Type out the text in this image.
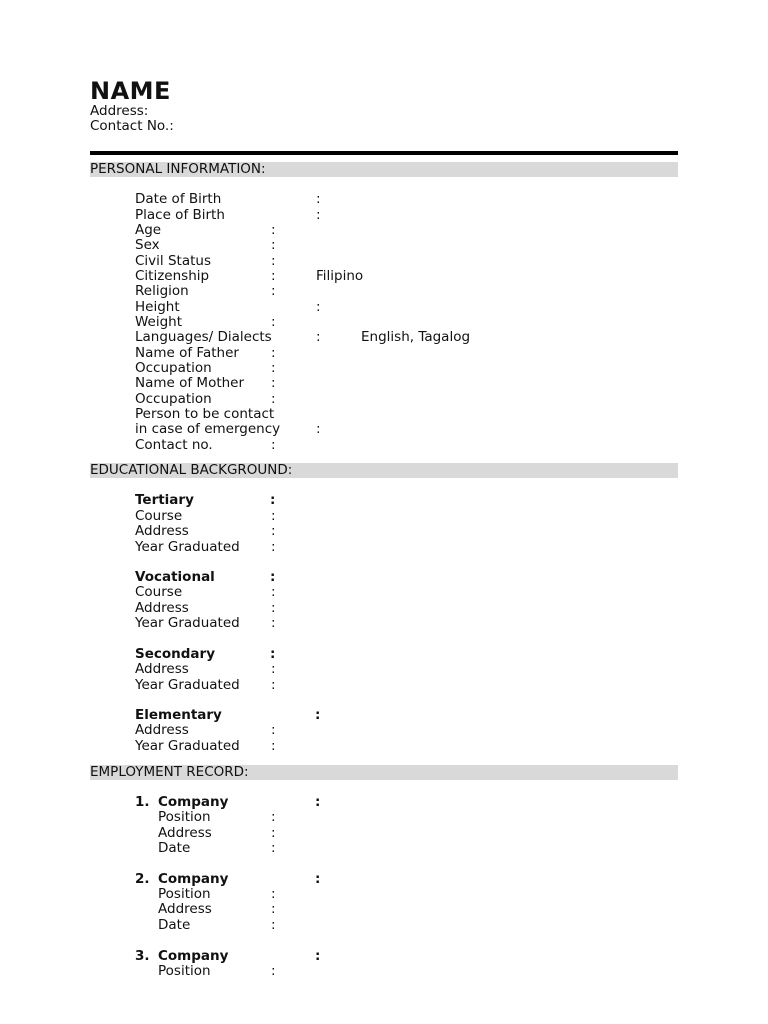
NAME
Address:
Contact No.:
PERSONAL INFORMATION:
Date of Birth	:
Place of Birth	:
Age	:
Sex	:
Civil Status	:
Citizenship	:	Filipino
Religion	:
Height	:
Weight	:
Languages/ Dialects	:	English, Tagalog
Name of Father :
Occupation	:
Name of Mother :
Occupation	:
Person to be contact
in case of emergency	:
Contact no.	:
EDUCATIONAL BACKGROUND:
Tertiary	:
Course	:
Address	:
Year Graduated :
Vocational	:
Course	:
Address	:
Year Graduated :
Secondary	:
Address	:
Year Graduated :
Elementary	:
Address	:
Year Graduated :
EMPLOYMENT RECORD:
1. Company	:
Position	:
Address	:
Date	:
2. Company	:
Position	:
Address	:
Date	:
3. Company	:
Position	:
